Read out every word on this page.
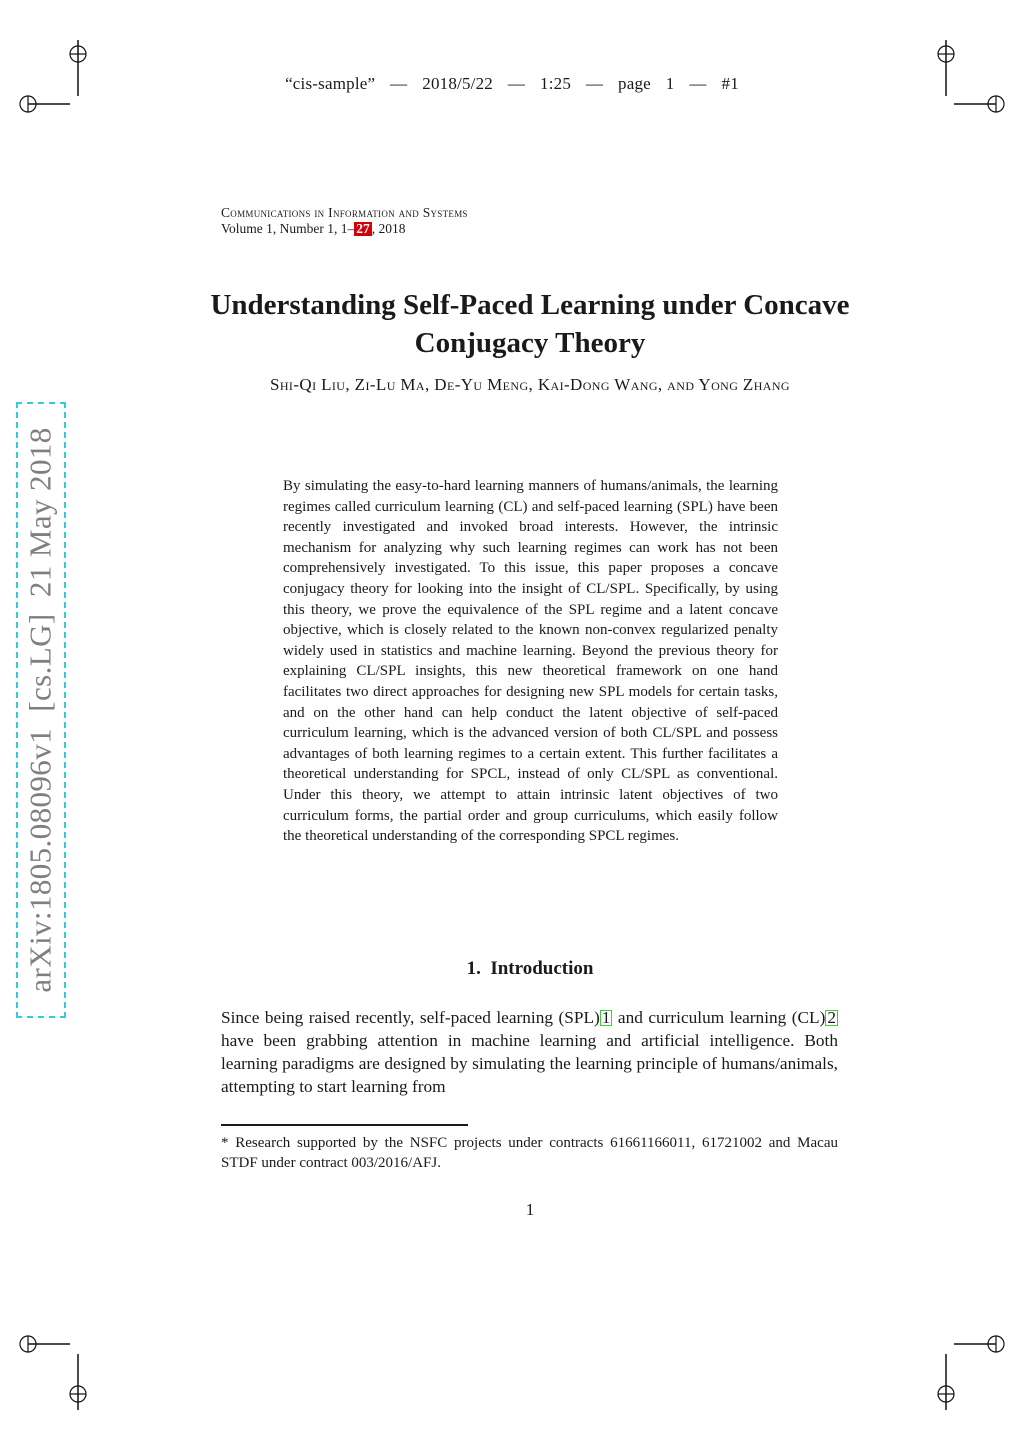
“cis-sample”  —  2018/5/22  —  1:25  —  page  1  —  #1
Communications in Information and Systems
Volume 1, Number 1, 1– 27 , 2018
Understanding Self-Paced Learning under Concave Conjugacy Theory
Shi-Qi Liu, Zi-Lu Ma, De-Yu Meng, Kai-Dong Wang, and Yong Zhang
By simulating the easy-to-hard learning manners of humans/animals, the learning regimes called curriculum learning (CL) and self-paced learning (SPL) have been recently investigated and invoked broad interests. However, the intrinsic mechanism for analyzing why such learning regimes can work has not been comprehensively investigated. To this issue, this paper proposes a concave conjugacy theory for looking into the insight of CL/SPL. Specifically, by using this theory, we prove the equivalence of the SPL regime and a latent concave objective, which is closely related to the known non-convex regularized penalty widely used in statistics and machine learning. Beyond the previous theory for explaining CL/SPL insights, this new theoretical framework on one hand facilitates two direct approaches for designing new SPL models for certain tasks, and on the other hand can help conduct the latent objective of self-paced curriculum learning, which is the advanced version of both CL/SPL and possess advantages of both learning regimes to a certain extent. This further facilitates a theoretical understanding for SPCL, instead of only CL/SPL as conventional. Under this theory, we attempt to attain intrinsic latent objectives of two curriculum forms, the partial order and group curriculums, which easily follow the theoretical understanding of the corresponding SPCL regimes.
1.  Introduction
Since being raised recently, self-paced learning (SPL) 1 and curriculum learning (CL) 2 have been grabbing attention in machine learning and artificial intelligence. Both learning paradigms are designed by simulating the learning principle of humans/animals, attempting to start learning from
* Research supported by the NSFC projects under contracts 61661166011, 61721002 and Macau STDF under contract 003/2016/AFJ.
1
arXiv:1805.08096v1  [cs.LG]  21 May 2018
